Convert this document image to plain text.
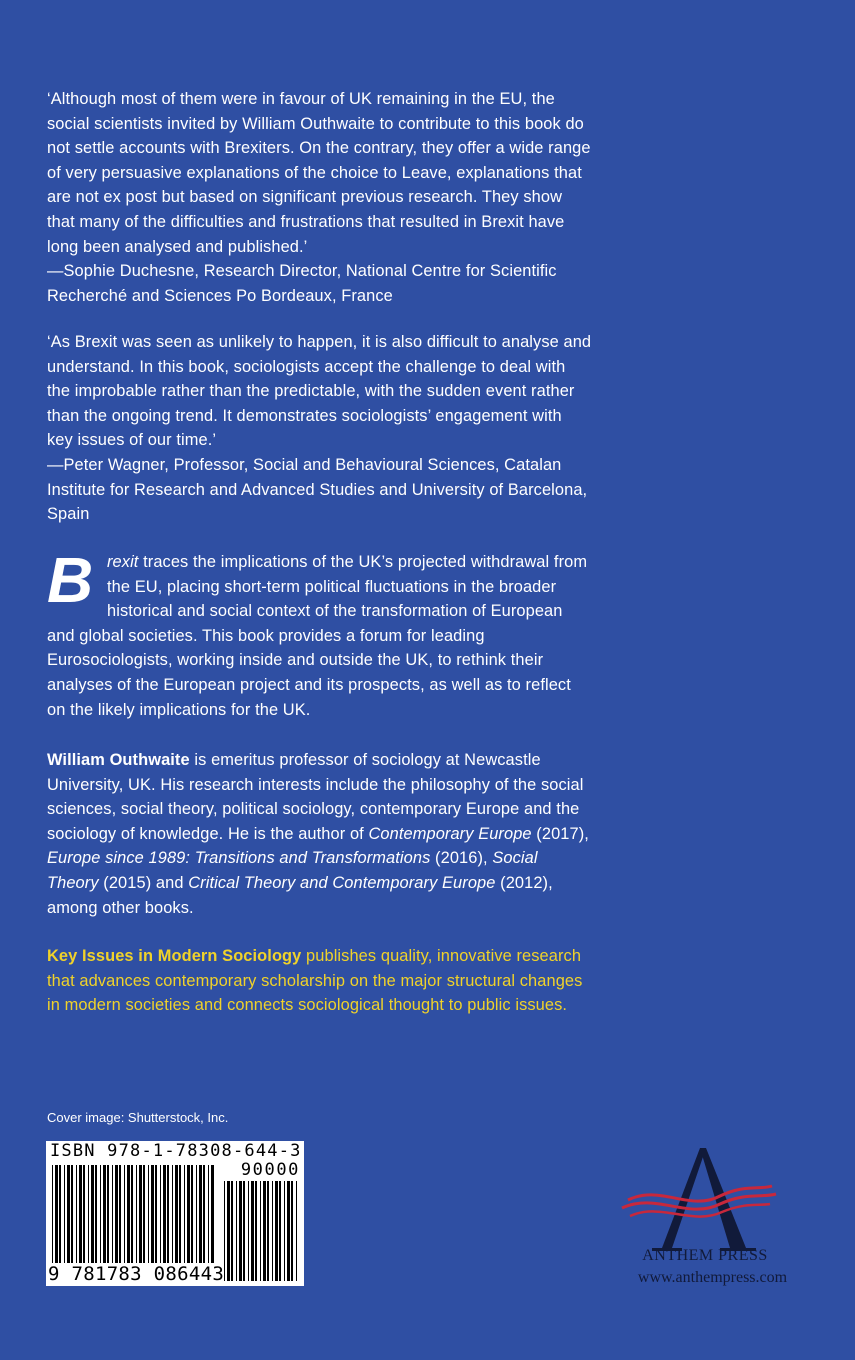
‘Although most of them were in favour of UK remaining in the EU, the social scientists invited by William Outhwaite to contribute to this book do not settle accounts with Brexiters. On the contrary, they offer a wide range of very persuasive explanations of the choice to Leave, explanations that are not ex post but based on significant previous research. They show that many of the difficulties and frustrations that resulted in Brexit have long been analysed and published.’

—Sophie Duchesne, Research Director, National Centre for Scientific Recherché and Sciences Po Bordeaux, France

‘As Brexit was seen as unlikely to happen, it is also difficult to analyse and understand. In this book, sociologists accept the challenge to deal with the improbable rather than the predictable, with the sudden event rather than the ongoing trend. It demonstrates sociologists’ engagement with key issues of our time.’

—Peter Wagner, Professor, Social and Behavioural Sciences, Catalan Institute for Research and Advanced Studies and University of Barcelona, Spain

Brexit traces the implications of the UK’s projected withdrawal from the EU, placing short-term political fluctuations in the broader historical and social context of the transformation of European and global societies. This book provides a forum for leading Eurosociologists, working inside and outside the UK, to rethink their analyses of the European project and its prospects, as well as to reflect on the likely implications for the UK.

William Outhwaite is emeritus professor of sociology at Newcastle University, UK. His research interests include the philosophy of the social sciences, social theory, political sociology, contemporary Europe and the sociology of knowledge. He is the author of Contemporary Europe (2017), Europe since 1989: Transitions and Transformations (2016), Social Theory (2015) and Critical Theory and Contemporary Europe (2012), among other books.

Key Issues in Modern Sociology publishes quality, innovative research that advances contemporary scholarship on the major structural changes in modern societies and connects sociological thought to public issues.

Cover image: Shutterstock, Inc.
ISBN 978-1-78308-644-3
90000
9 781783 086443
ANTHEM PRESS
www.anthempress.com
